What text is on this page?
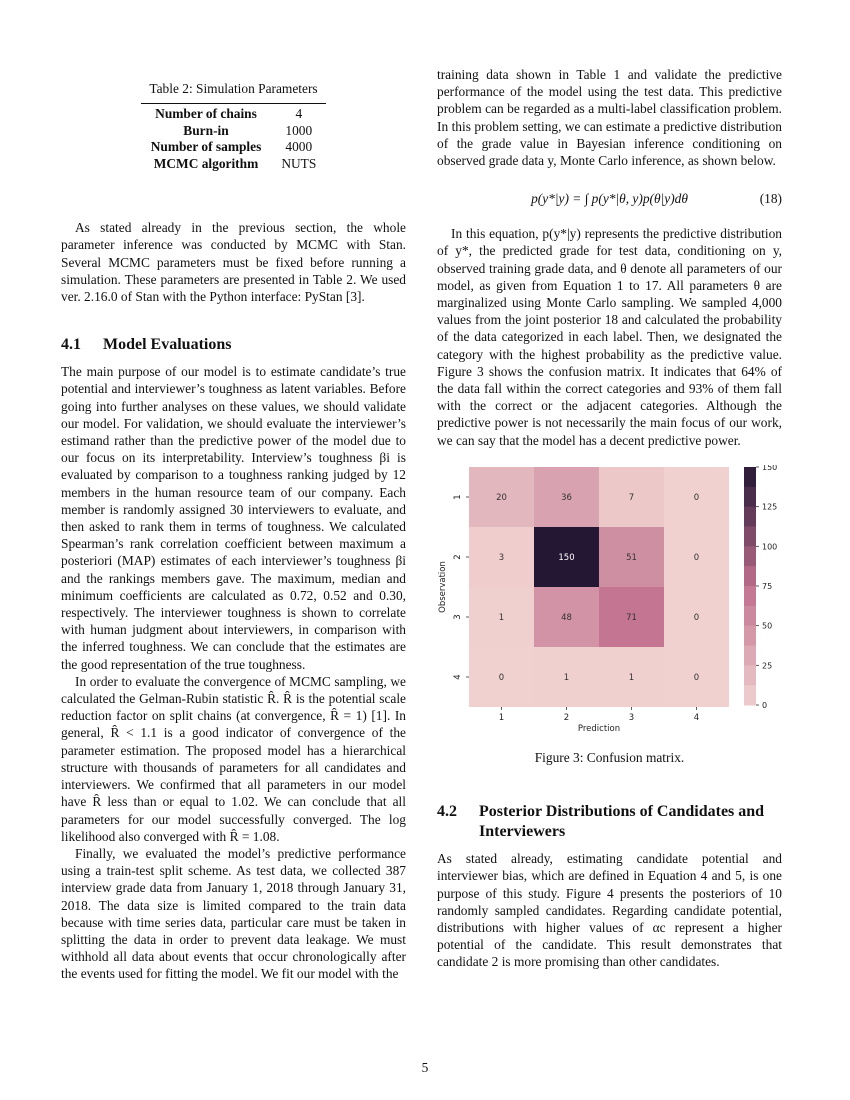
Table 2: Simulation Parameters
Number of chains	4
Burn-in	1000
Number of samples	4000
MCMC algorithm	NUTS

As stated already in the previous section, the whole parameter inference was conducted by MCMC with Stan. Several MCMC parameters must be fixed before running a simulation. These parameters are presented in Table 2. We used ver. 2.16.0 of Stan with the Python interface: PyStan [3].

4.1 Model Evaluations

The main purpose of our model is to estimate candidate’s true potential and interviewer’s toughness as latent variables. Before going into further analyses on these values, we should validate our model. For validation, we should evaluate the interviewer’s estimand rather than the predictive power of the model due to our focus on its interpretability. Interview’s toughness βi is evaluated by comparison to a toughness ranking judged by 12 members in the human resource team of our company. Each member is randomly assigned 30 interviewers to evaluate, and then asked to rank them in terms of toughness. We calculated Spearman’s rank correlation coefficient between maximum a posteriori (MAP) estimates of each interviewer’s toughness βi and the rankings members gave. The maximum, median and minimum coefficients are calculated as 0.72, 0.52 and 0.30, respectively. The interviewer toughness is shown to correlate with human judgment about interviewers, in comparison with the inferred toughness. We can conclude that the estimates are the good representation of the true toughness.

In order to evaluate the convergence of MCMC sampling, we calculated the Gelman-Rubin statistic R̂. R̂ is the potential scale reduction factor on split chains (at convergence, R̂ = 1) [1]. In general, R̂ < 1.1 is a good indicator of convergence of the parameter estimation. The proposed model has a hierarchical structure with thousands of parameters for all candidates and interviewers. We confirmed that all parameters in our model have R̂ less than or equal to 1.02. We can conclude that all parameters for our model successfully converged. The log likelihood also converged with R̂ = 1.08.

Finally, we evaluated the model’s predictive performance using a train-test split scheme. As test data, we collected 387 interview grade data from January 1, 2018 through January 31, 2018. The data size is limited compared to the train data because with time series data, particular care must be taken in splitting the data in order to prevent data leakage. We must withhold all data about events that occur chronologically after the events used for fitting the model. We fit our model with the

training data shown in Table 1 and validate the predictive performance of the model using the test data. This predictive problem can be regarded as a multi-label classification problem. In this problem setting, we can estimate a predictive distribution of the grade value in Bayesian inference conditioning on observed grade data y, Monte Carlo inference, as shown below.

p(y*|y) = ∫ p(y*|θ, y)p(θ|y)dθ	(18)

In this equation, p(y*|y) represents the predictive distribution of y*, the predicted grade for test data, conditioning on y, observed training grade data, and θ denote all parameters of our model, as given from Equation 1 to 17. All parameters θ are marginalized using Monte Carlo sampling. We sampled 4,000 values from the joint posterior 18 and calculated the probability of the data categorized in each label. Then, we designated the category with the highest probability as the predictive value. Figure 3 shows the confusion matrix. It indicates that 64% of the data fall within the correct categories and 93% of them fall with the correct or the adjacent categories. Although the predictive power is not necessarily the main focus of our work, we can say that the model has a decent predictive power.

20	36	7	0
3	150	51	0
1	48	71	0
0	1	1	0
1	2	3	4
Prediction
1
2
3
4
Observation
0
25
50
75
100
125
150
Figure 3: Confusion matrix.
4.2	Posterior Distributions of Candidates and Interviewers

As stated already, estimating candidate potential and interviewer bias, which are defined in Equation 4 and 5, is one purpose of this study. Figure 4 presents the posteriors of 10 randomly sampled candidates. Regarding candidate potential, distributions with higher values of αc represent a higher potential of the candidate. This result demonstrates that candidate 2 is more promising than other candidates.

5
